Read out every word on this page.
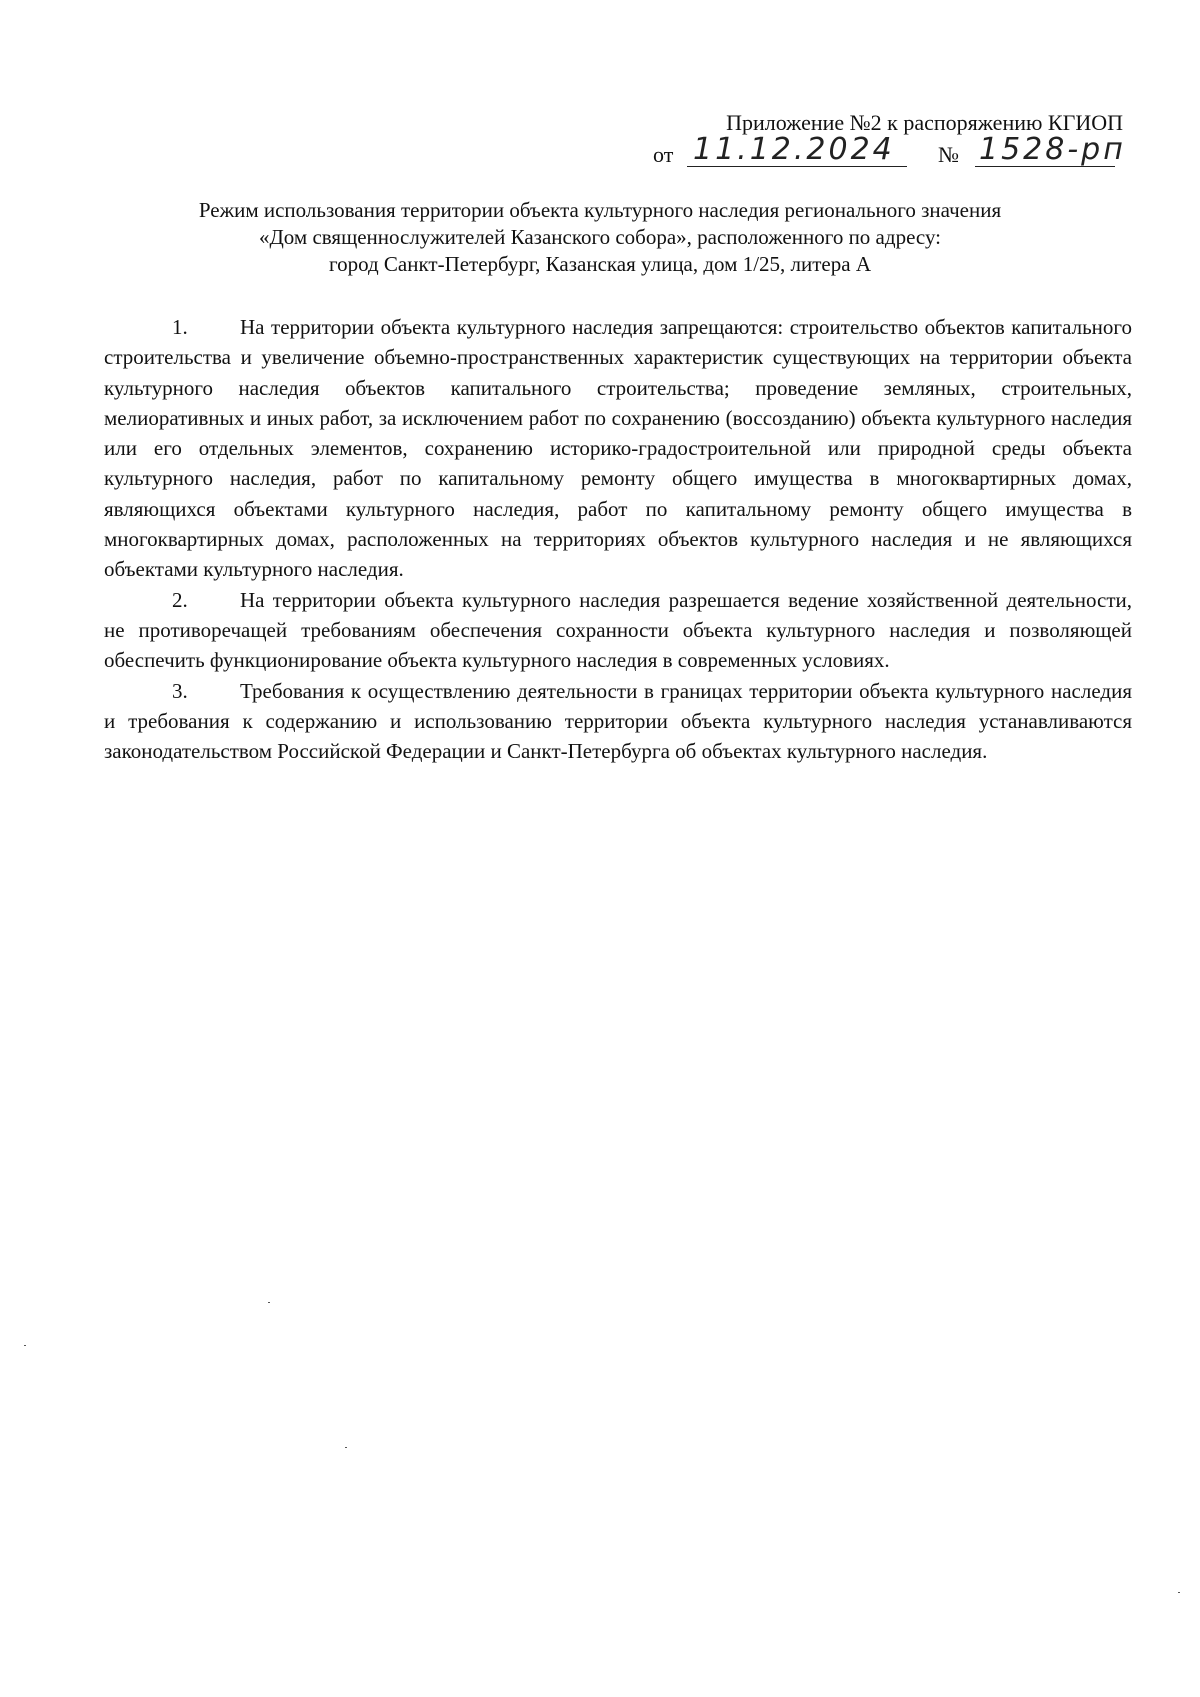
Приложение №2 к распоряжению КГИОП
от 11.12.2024 № 1528-рп
Режим использования территории объекта культурного наследия регионального значения
«Дом священнослужителей Казанского собора», расположенного по адресу:
город Санкт-Петербург, Казанская улица, дом 1/25, литера А

1. На территории объекта культурного наследия запрещаются: строительство объектов капитального строительства и увеличение объемно-пространственных характеристик существующих на территории объекта культурного наследия объектов капитального строительства; проведение земляных, строительных, мелиоративных и иных работ, за исключением работ по сохранению (воссозданию) объекта культурного наследия или его отдельных элементов, сохранению историко-градостроительной или природной среды объекта культурного наследия, работ по капитальному ремонту общего имущества в многоквартирных домах, являющихся объектами культурного наследия, работ по капитальному ремонту общего имущества в многоквартирных домах, расположенных на территориях объектов культурного наследия и не являющихся объектами культурного наследия.

2. На территории объекта культурного наследия разрешается ведение хозяйственной деятельности, не противоречащей требованиям обеспечения сохранности объекта культурного наследия и позволяющей обеспечить функционирование объекта культурного наследия в современных условиях.

3. Требования к осуществлению деятельности в границах территории объекта культурного наследия и требования к содержанию и использованию территории объекта культурного наследия устанавливаются законодательством Российской Федерации и Санкт-Петербурга об объектах культурного наследия.
